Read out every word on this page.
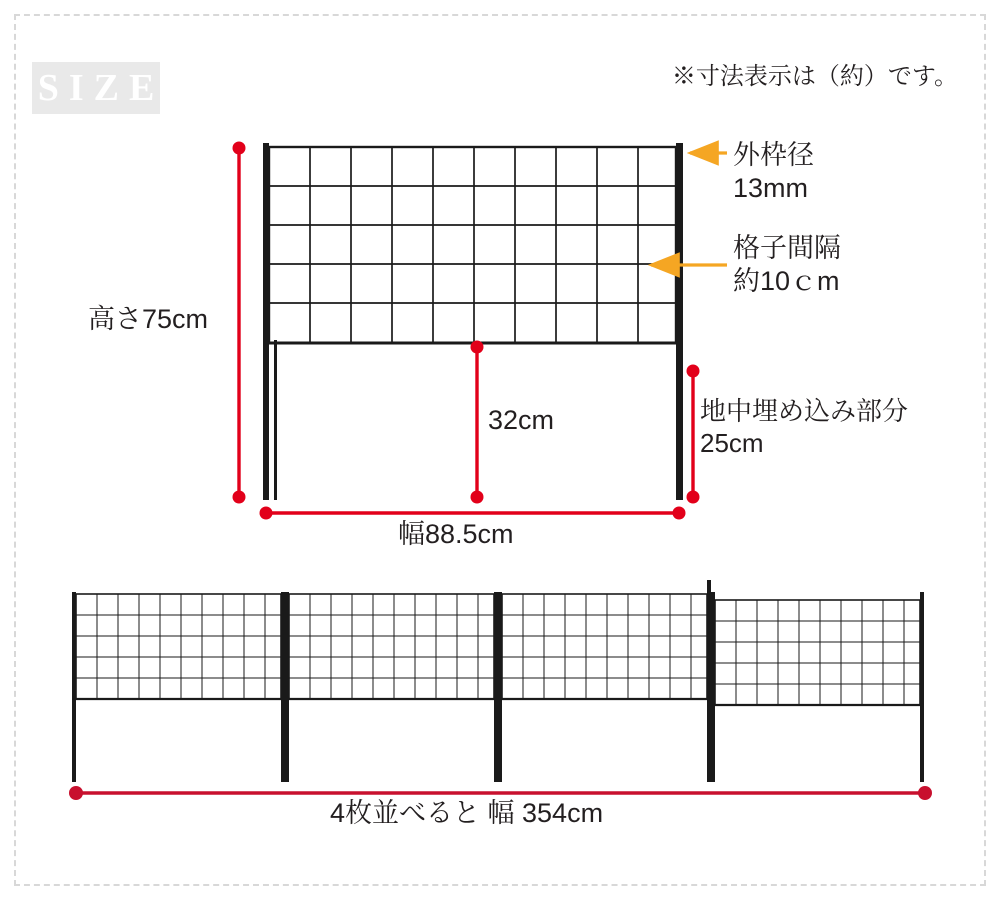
SIZE	※寸法表示は（約）です。
高さ75cm
幅88.5cm
32cm
外枠径
13mm
格子間隔
約10ｃm
地中埋め込み部分
25cm
4枚並べると 幅 354cm
